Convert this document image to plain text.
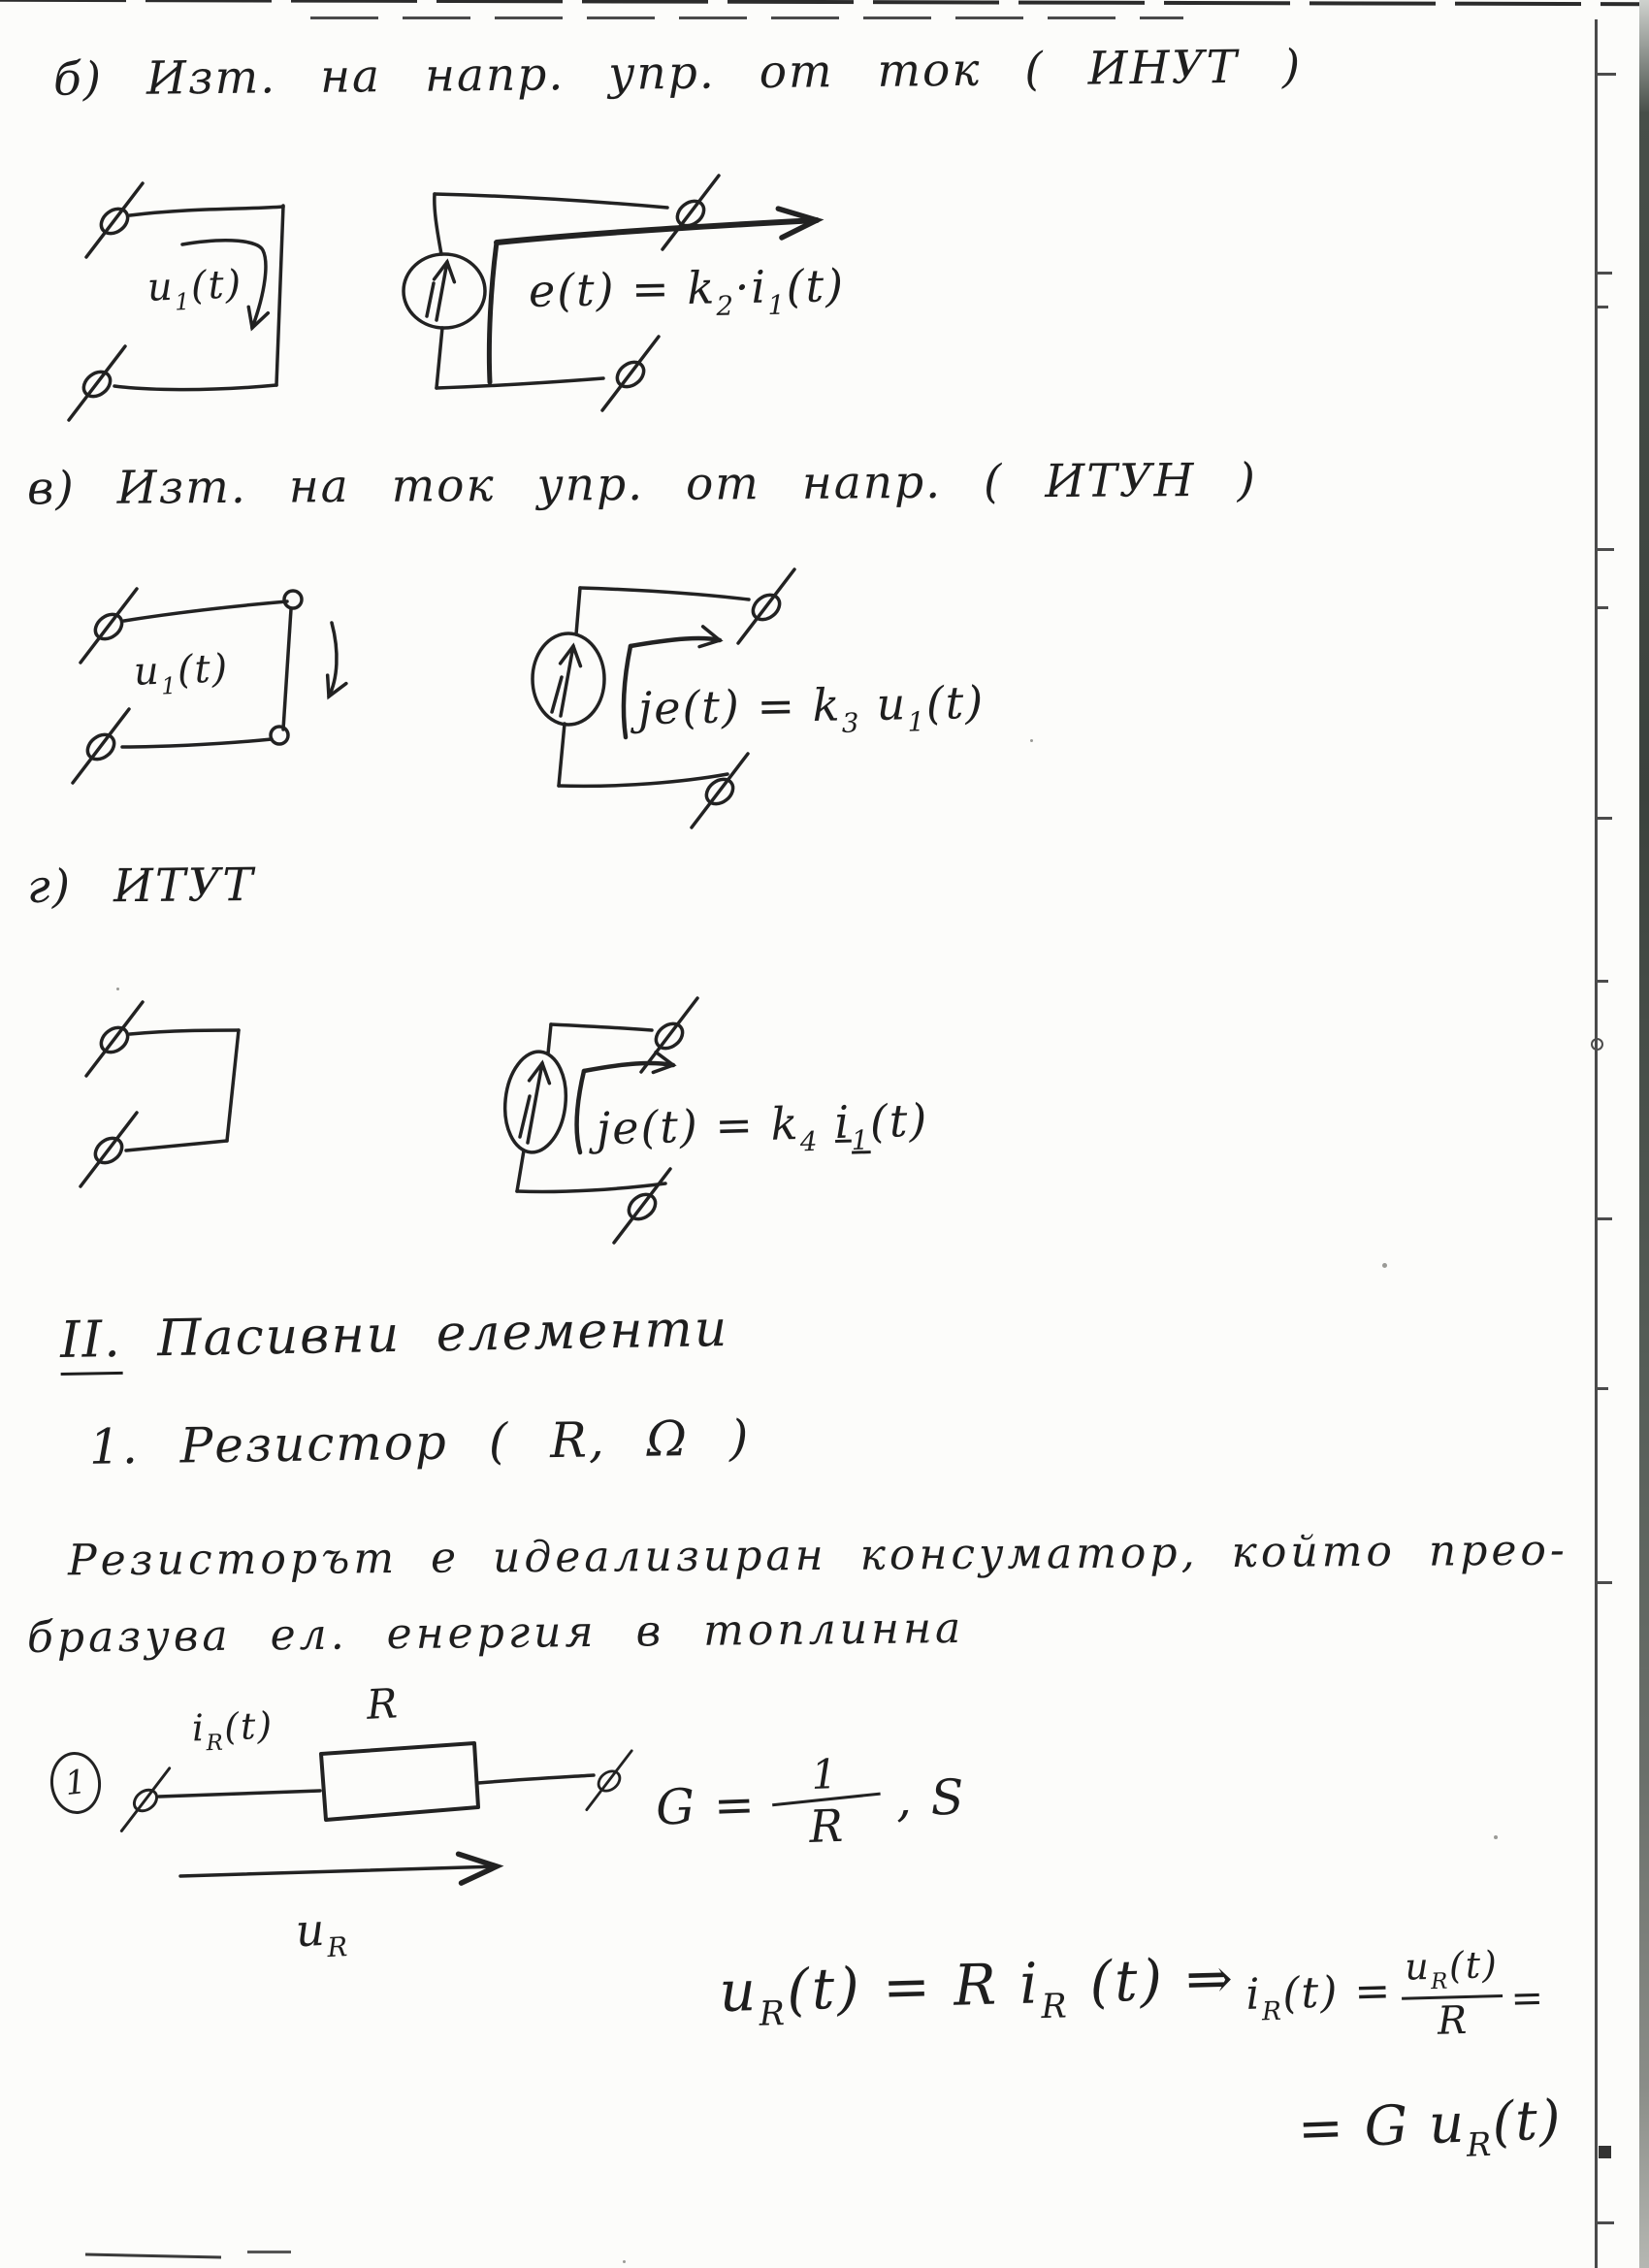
б) Изт. на напр. упр. от ток ( ИНУТ )
$u_1(t)$	$e(t) = k_2\cdot i_1(t)$
в) Изт. на ток упр. от напр. ( ИТУН )
$u_1(t)$
$je(t) = k_3$ $u_1(t)$
г) ИТУТ
$je(t) = k_4$ $i_1(t)$
II. Пасивни елементи
1. Резистор ( R, Ω )
Резисторът е идеализиран консуматор, който прео-
бразува ел. енергия в топлинна
1
$i_R(t)$ R
$u_R$
G =
1
R , S
$u_R(t) = R$ $i_R$ (t) ⇒ $i_R(t) = u_R(t)$
R =
= G $u_R(t)$
